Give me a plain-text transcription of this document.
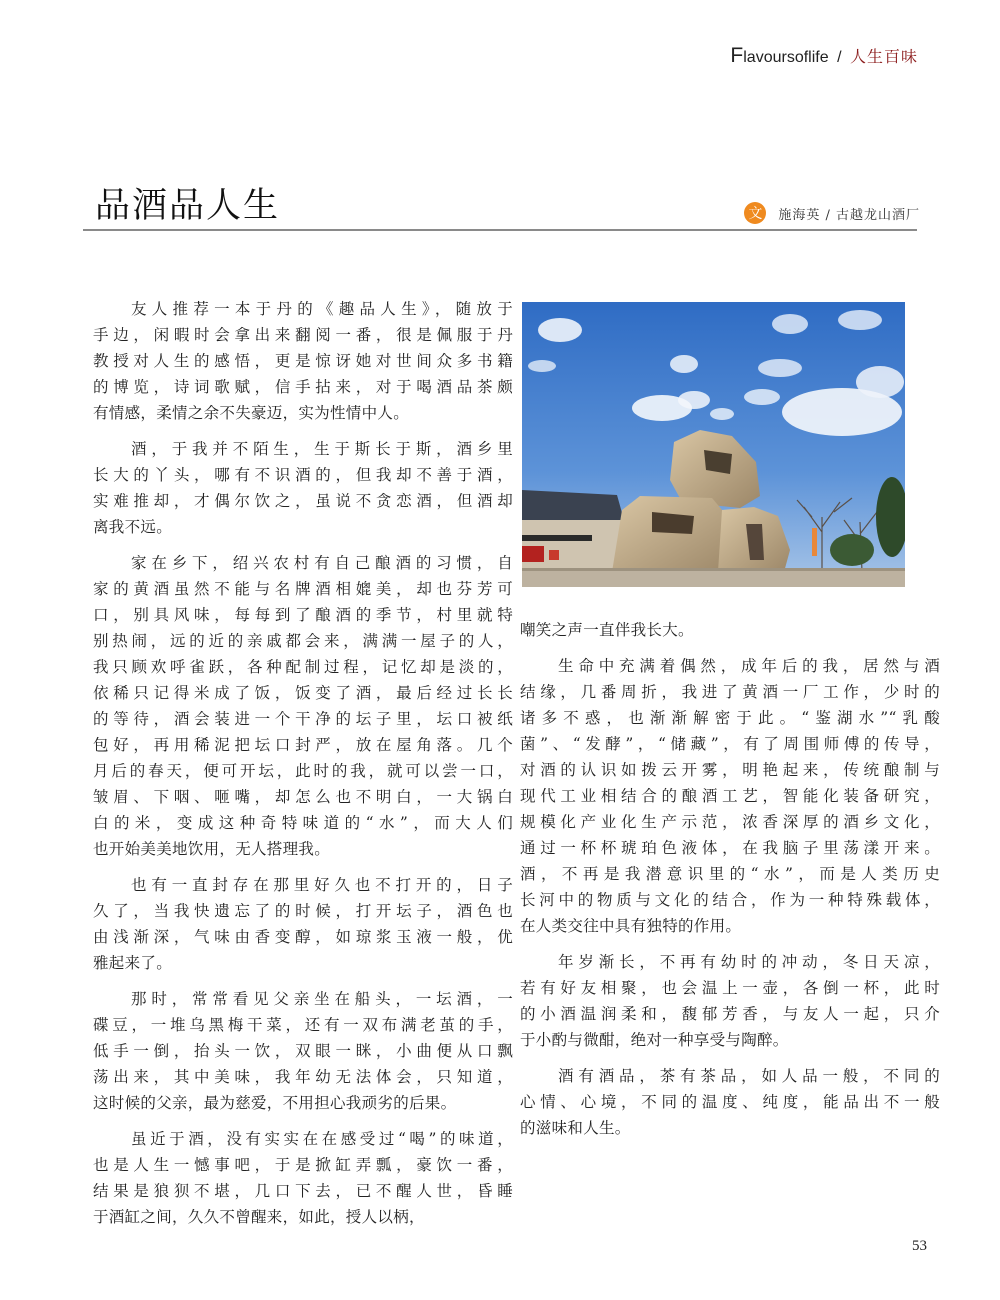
Flavoursoflife / 人生百味
品酒品人生	文	施海英 / 古越龙山酒厂
友人推荐一本于丹的《趣品人生》，随放于
手边，闲暇时会拿出来翻阅一番，很是佩服于丹
教授对人生的感悟，更是惊讶她对世间众多书籍
的博览，诗词歌赋，信手拈来，对于喝酒品茶颇
有情感，柔情之余不失豪迈，实为性情中人。
酒，于我并不陌生，生于斯长于斯，酒乡里
长大的丫头，哪有不识酒的，但我却不善于酒，
实难推却，才偶尔饮之，虽说不贪恋酒，但酒却
离我不远。
家在乡下，绍兴农村有自己酿酒的习惯，自
家的黄酒虽然不能与名牌酒相媲美，却也芬芳可
口，别具风味，每每到了酿酒的季节，村里就特
别热闹，远的近的亲戚都会来，满满一屋子的人，
我只顾欢呼雀跃，各种配制过程，记忆却是淡的，
依稀只记得米成了饭，饭变了酒，最后经过长长
的等待，酒会装进一个干净的坛子里，坛口被纸
包好，再用稀泥把坛口封严，放在屋角落。几个
月后的春天，便可开坛，此时的我，就可以尝一口，
皱眉、下咽、咂嘴，却怎么也不明白，一大锅白
白的米，变成这种奇特味道的“水”，而大人们
也开始美美地饮用，无人搭理我。
也有一直封存在那里好久也不打开的，日子
久了，当我快遗忘了的时候，打开坛子，酒色也
由浅渐深，气味由香变醇，如琼浆玉液一般，优
雅起来了。
那时，常常看见父亲坐在船头，一坛酒，一
碟豆，一堆乌黑梅干菜，还有一双布满老茧的手，
低手一倒，抬头一饮，双眼一眯，小曲便从口飘
荡出来，其中美味，我年幼无法体会，只知道，
这时候的父亲，最为慈爱，不用担心我顽劣的后果。
虽近于酒，没有实实在在感受过“喝”的味道，
也是人生一憾事吧，于是掀缸弄瓢，豪饮一番，
结果是狼狈不堪，几口下去，已不醒人世，昏睡
于酒缸之间，久久不曾醒来，如此，授人以柄，
嘲笑之声一直伴我长大。
生命中充满着偶然，成年后的我，居然与酒
结缘，几番周折，我进了黄酒一厂工作，少时的
诸多不惑，也渐渐解密于此。“鉴湖水”“乳酸
菌”、“发酵”，“储藏”，有了周围师傅的传导，
对酒的认识如拨云开雾，明艳起来，传统酿制与
现代工业相结合的酿酒工艺，智能化装备研究，
规模化产业化生产示范，浓香深厚的酒乡文化，
通过一杯杯琥珀色液体，在我脑子里荡漾开来。
酒，不再是我潜意识里的“水”，而是人类历史
长河中的物质与文化的结合，作为一种特殊载体，
在人类交往中具有独特的作用。
年岁渐长，不再有幼时的冲动，冬日天凉，
若有好友相聚，也会温上一壶，各倒一杯，此时
的小酒温润柔和，馥郁芳香，与友人一起，只介
于小酌与微酣，绝对一种享受与陶醉。
酒有酒品，茶有茶品，如人品一般，不同的
心情、心境，不同的温度、纯度，能品出不一般
的滋味和人生。
53
